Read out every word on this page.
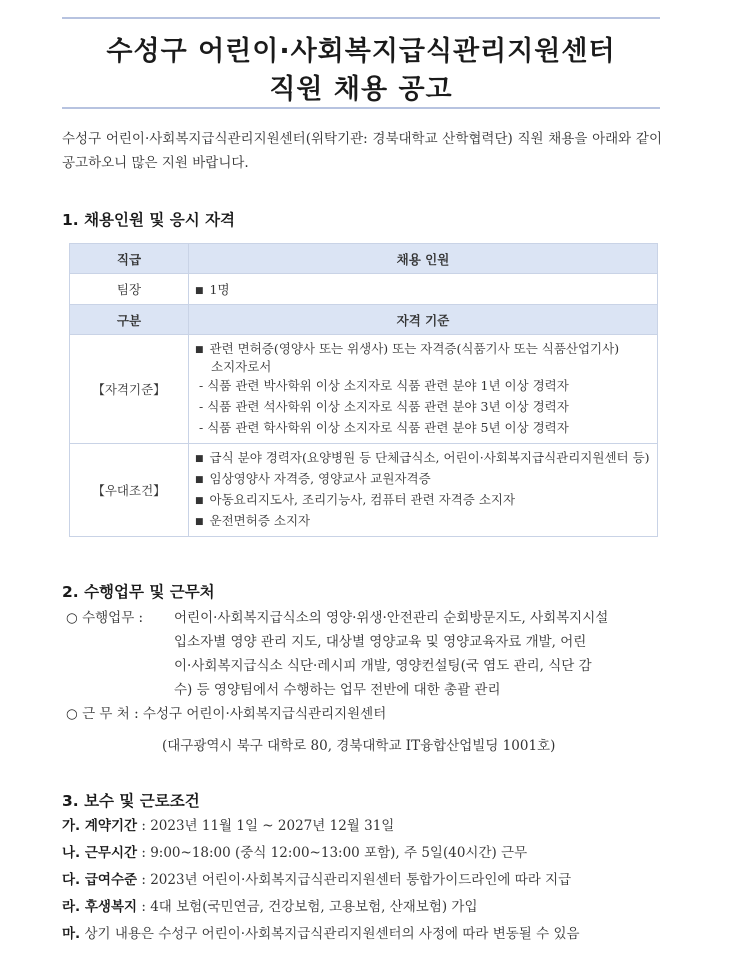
수성구 어린이·사회복지급식관리지원센터
직원 채용 공고
수성구 어린이·사회복지급식관리지원센터(위탁기관: 경북대학교 산학협력단) 직원 채용을 아래와 같이 공고하오니 많은 지원 바랍니다.
1. 채용인원 및 응시 자격
직급	채용 인원
팀장	■ 1명
구분	자격 기준
【자격기준】	■ 관련 면허증(영양사 또는 위생사) 또는 자격증(식품기사 또는 식품산업기사)
소지자로서
- 식품 관련 박사학위 이상 소지자로 식품 관련 분야 1년 이상 경력자
- 식품 관련 석사학위 이상 소지자로 식품 관련 분야 3년 이상 경력자
- 식품 관련 학사학위 이상 소지자로 식품 관련 분야 5년 이상 경력자

【우대조건】	■ 급식 분야 경력자(요양병원 등 단체급식소, 어린이·사회복지급식관리지원센터 등)
■ 임상영양사 자격증, 영양교사 교원자격증
■ 아동요리지도사, 조리기능사, 컴퓨터 관련 자격증 소지자
■ 운전면허증 소지자
2. 수행업무 및 근무처
○ 수행업무 :	어린이·사회복지급식소의 영양·위생·안전관리 순회방문지도, 사회복지시설
입소자별 영양 관리 지도, 대상별 영양교육 및 영양교육자료 개발, 어린
이·사회복지급식소 식단·레시피 개발, 영양컨설팅(국 염도 관리, 식단 감
수) 등 영양팀에서 수행하는 업무 전반에 대한 총괄 관리
○ 근 무 처 : 수성구 어린이·사회복지급식관리지원센터
(대구광역시 북구 대학로 80, 경북대학교 IT융합산업빌딩 1001호)
3. 보수 및 근로조건
가. 계약기간 : 2023년 11월 1일 ~ 2027년 12월 31일
나. 근무시간 : 9:00~18:00 (중식 12:00~13:00 포함), 주 5일(40시간) 근무
다. 급여수준 : 2023년 어린이·사회복지급식관리지원센터 통합가이드라인에 따라 지급
라. 후생복지 : 4대 보험(국민연금, 건강보험, 고용보험, 산재보험) 가입
마. 상기 내용은 수성구 어린이·사회복지급식관리지원센터의 사정에 따라 변동될 수 있음
